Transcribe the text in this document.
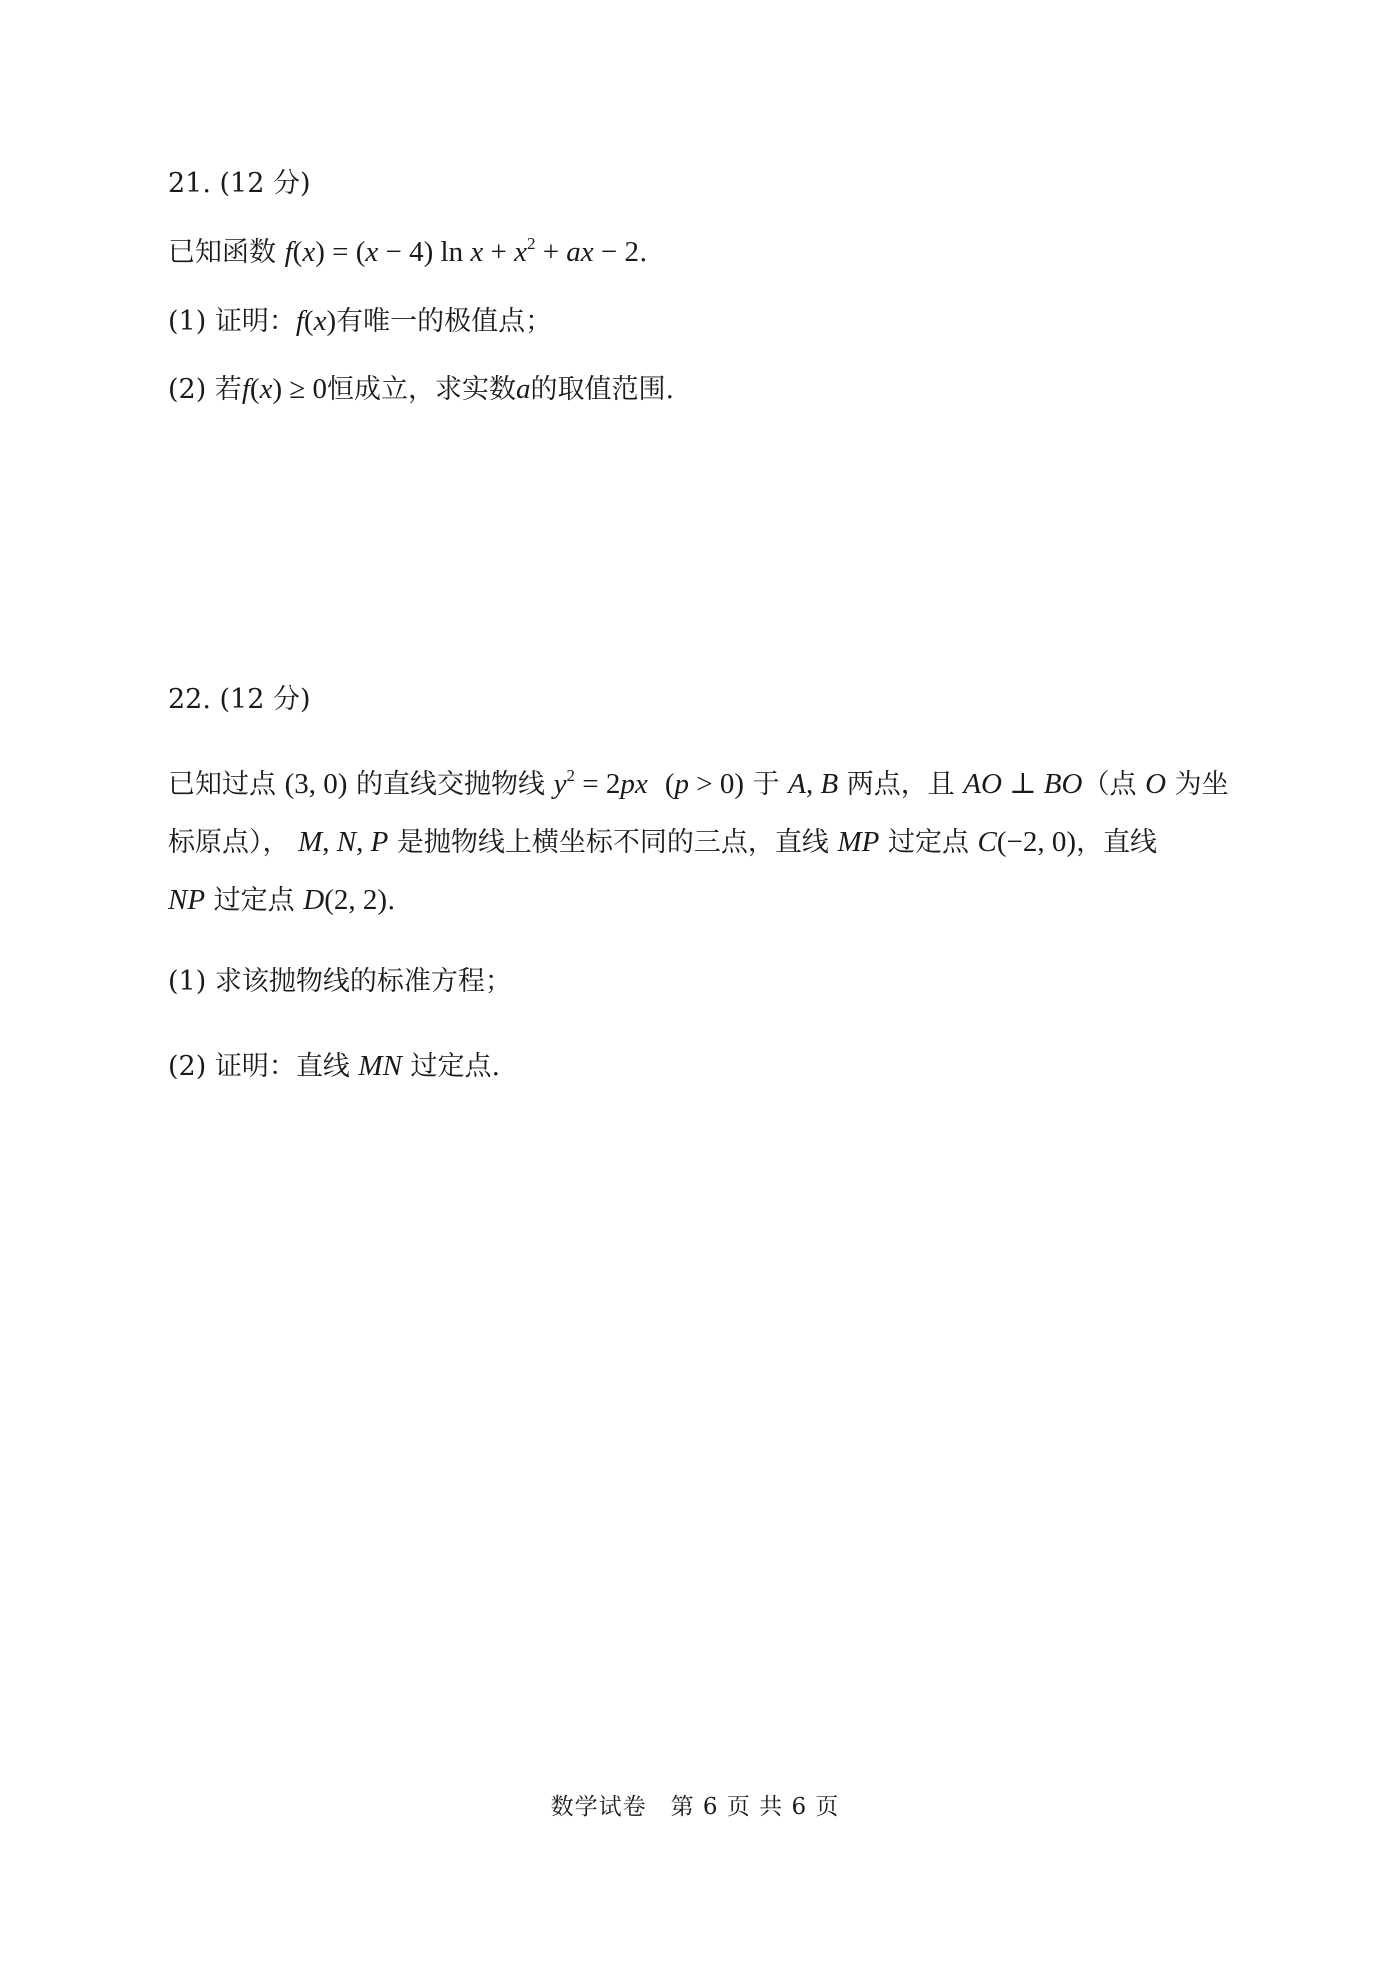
21. (12 分)
已知函数 f(x) = (x − 4) $\ln x + x^2$ + ax − 2.
(1) 证明：f(x)有唯一的极值点；
(2) 若f(x) ≥ 0恒成立，求实数a的取值范围.
22. (12 分)
已知过点 (3, 0) 的直线交抛物线 $y^2 = 2px$ (p > 0) 于 A, B 两点，且 AO ⊥ BO（点 O 为坐
标原点）， M, N, P 是抛物线上横坐标不同的三点，直线 MP 过定点 C(−2, 0)，直线
NP 过定点 D(2, 2).
(1) 求该抛物线的标准方程；
(2) 证明：直线 MN 过定点.
数学试卷　第 6 页 共 6 页
